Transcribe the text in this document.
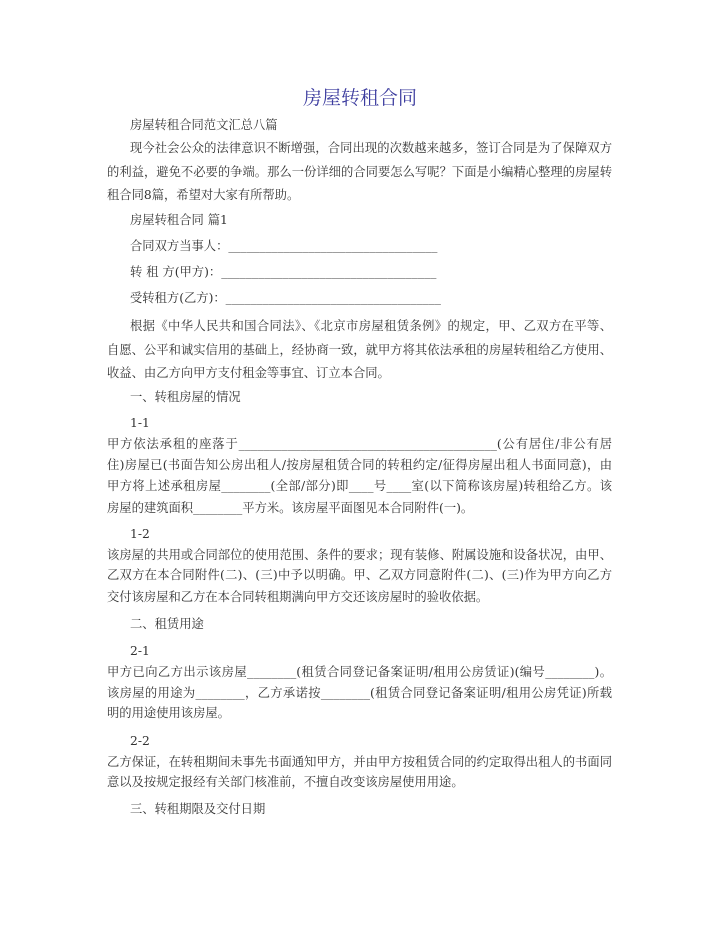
房屋转租合同
房屋转租合同范文汇总八篇
现今社会公众的法律意识不断增强，合同出现的次数越来越多，签订合同是为了保障双方
的利益，避免不必要的争端。那么一份详细的合同要怎么写呢？下面是小编精心整理的房屋转
租合同8篇，希望对大家有所帮助。
房屋转租合同 篇1
合同双方当事人：__________________________________
转 租 方(甲方)：___________________________________
受转租方(乙方)：___________________________________
根据《中华人民共和国合同法》、《北京市房屋租赁条例》的规定，甲、乙双方在平等、
自愿、公平和诚实信用的基础上，经协商一致，就甲方将其依法承租的房屋转租给乙方使用、
收益、由乙方向甲方支付租金等事宜、订立本合同。
一、转租房屋的情况
1-1
甲方依法承租的座落于__________________________________________(公有居住/非公有居
住)房屋已(书面告知公房出租人/按房屋租赁合同的转租约定/征得房屋出租人书面同意)，由
甲方将上述承租房屋________(全部/部分)即____号____室(以下简称该房屋)转租给乙方。该
房屋的建筑面积________平方米。该房屋平面图见本合同附件(一)。
1-2
该房屋的共用或合同部位的使用范围、条件的要求；现有装修、附属设施和设备状况，由甲、
乙双方在本合同附件(二)、(三)中予以明确。甲、乙双方同意附件(二)、(三)作为甲方向乙方
交付该房屋和乙方在本合同转租期满向甲方交还该房屋时的验收依据。
二、租赁用途
2-1
甲方已向乙方出示该房屋________(租赁合同登记备案证明/租用公房赁证)(编号________)。
该房屋的用途为________，乙方承诺按________(租赁合同登记备案证明/租用公房凭证)所载
明的用途使用该房屋。
2-2
乙方保证，在转租期间未事先书面通知甲方，并由甲方按租赁合同的约定取得出租人的书面同
意以及按规定报经有关部门核准前，不擅自改变该房屋使用用途。
三、转租期限及交付日期
